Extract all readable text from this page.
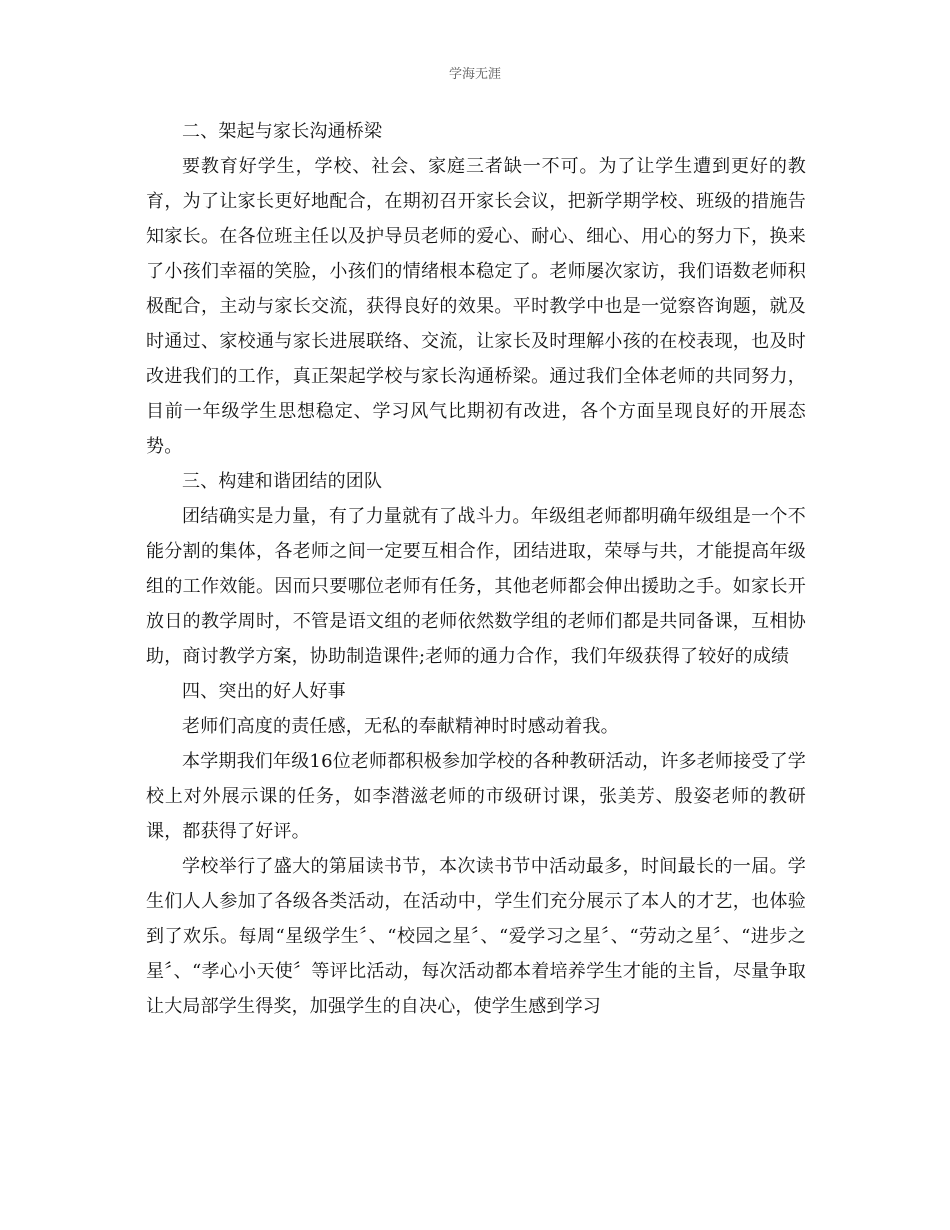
学海无涯

二、架起与家长沟通桥梁

要教育好学生，学校、社会、家庭三者缺一不可。为了让学生遭到更好的教育，为了让家长更好地配合，在期初召开家长会议，把新学期学校、班级的措施告知家长。在各位班主任以及护导员老师的爱心、耐心、细心、用心的努力下，换来了小孩们幸福的笑脸，小孩们的情绪根本稳定了。老师屡次家访，我们语数老师积极配合，主动与家长交流，获得良好的效果。平时教学中也是一觉察咨询题，就及时通过、家校通与家长进展联络、交流，让家长及时理解小孩的在校表现，也及时改进我们的工作，真正架起学校与家长沟通桥梁。通过我们全体老师的共同努力，目前一年级学生思想稳定、学习风气比期初有改进，各个方面呈现良好的开展态势。

三、构建和谐团结的团队

团结确实是力量，有了力量就有了战斗力。年级组老师都明确年级组是一个不能分割的集体，各老师之间一定要互相合作，团结进取，荣辱与共，才能提高年级组的工作效能。因而只要哪位老师有任务，其他老师都会伸出援助之手。如家长开放日的教学周时，不管是语文组的老师依然数学组的老师们都是共同备课，互相协助，商讨教学方案，协助制造课件;老师的通力合作，我们年级获得了较好的成绩

四、突出的好人好事

老师们高度的责任感，无私的奉献精神时时感动着我。

本学期我们年级16位老师都积极参加学校的各种教研活动，许多老师接受了学校上对外展示课的任务，如李潜滋老师的市级研讨课，张美芳、殷姿老师的教研课，都获得了好评。

学校举行了盛大的第届读书节，本次读书节中活动最多，时间最长的一届。学生们人人参加了各级各类活动，在活动中，学生们充分展示了本人的才艺，也体验到了欢乐。每周“星级学生〞、“校园之星〞、“爱学习之星〞、“劳动之星〞、“进步之星〞、“孝心小天使〞等评比活动，每次活动都本着培养学生才能的主旨，尽量争取让大局部学生得奖，加强学生的自决心，使学生感到学习
